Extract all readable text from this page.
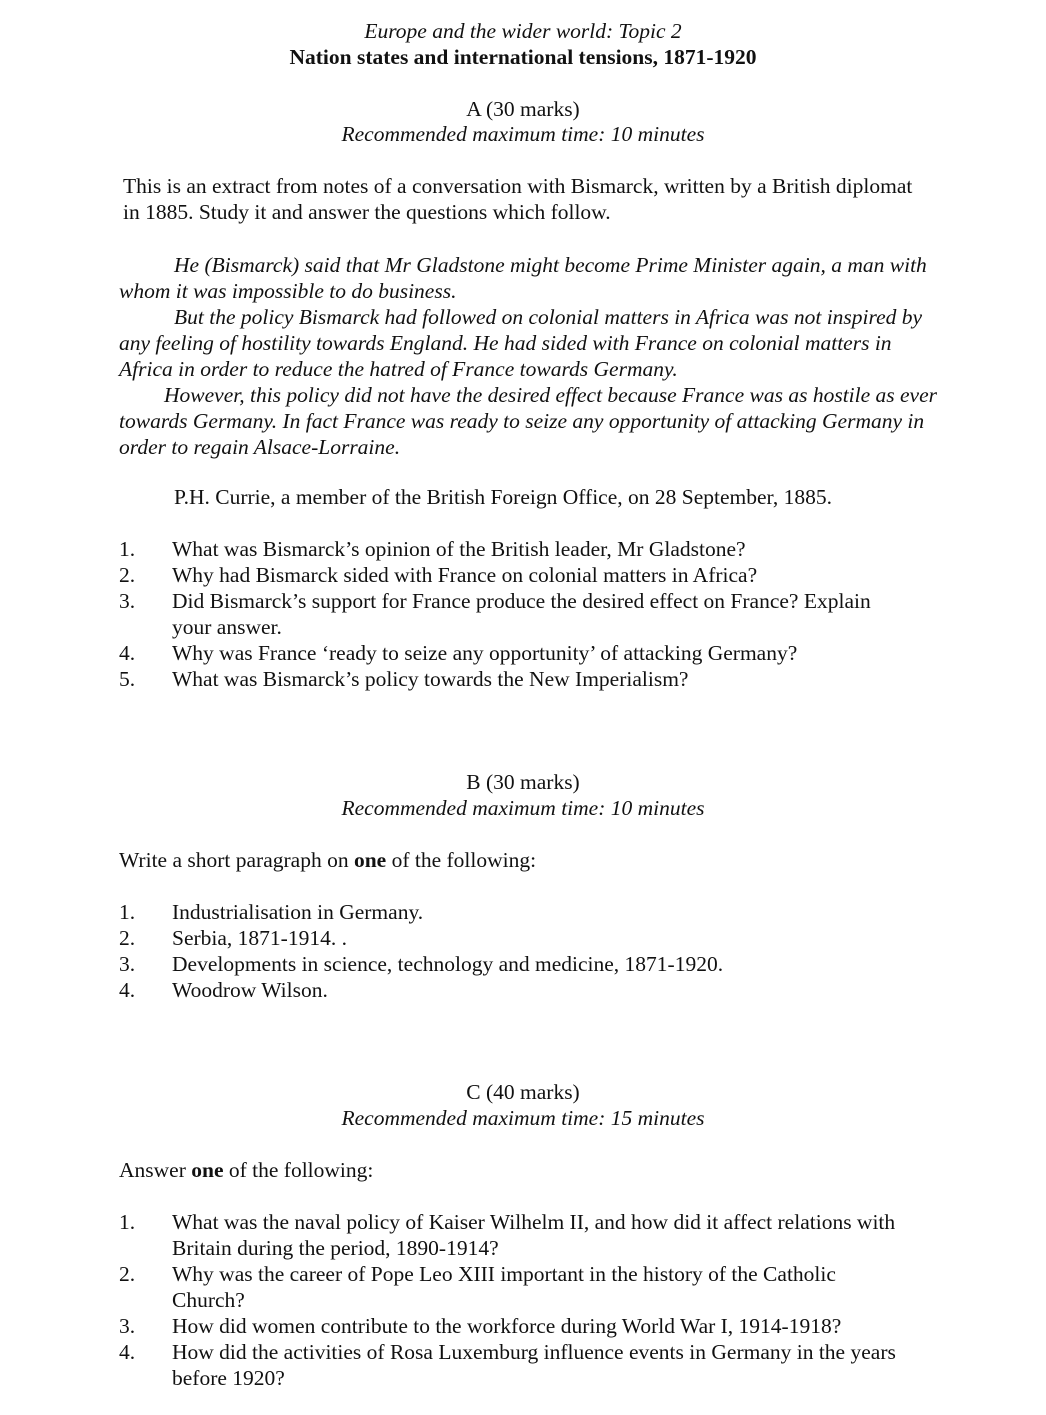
Europe and the wider world: Topic 2
Nation states and international tensions, 1871-1920
A (30 marks)
Recommended maximum time: 10 minutes
This is an extract from notes of a conversation with Bismarck, written by a British diplomat in 1885. Study it and answer the questions which follow.

He (Bismarck) said that Mr Gladstone might become Prime Minister again, a man with whom it was impossible to do business.

But the policy Bismarck had followed on colonial matters in Africa was not inspired by any feeling of hostility towards England. He had sided with France on colonial matters in Africa in order to reduce the hatred of France towards Germany.

However, this policy did not have the desired effect because France was as hostile as ever towards Germany. In fact France was ready to seize any opportunity of attacking Germany in order to regain Alsace-Lorraine.

P.H. Currie, a member of the British Foreign Office, on 28 September, 1885.
1.	What was Bismarck’s opinion of the British leader, Mr Gladstone?
2.	Why had Bismarck sided with France on colonial matters in Africa?
3.	Did Bismarck’s support for France produce the desired effect on France? Explain your answer.
4.	Why was France ‘ready to seize any opportunity’ of attacking Germany?
5.	What was Bismarck’s policy towards the New Imperialism?
B (30 marks)
Recommended maximum time: 10 minutes
Write a short paragraph on one of the following:
1.	Industrialisation in Germany.
2.	Serbia, 1871-1914. .
3.	Developments in science, technology and medicine, 1871-1920.
4.	Woodrow Wilson.
C (40 marks)
Recommended maximum time: 15 minutes
Answer one of the following:
1.	What was the naval policy of Kaiser Wilhelm II, and how did it affect relations with Britain during the period, 1890-1914?
2.	Why was the career of Pope Leo XIII important in the history of the Catholic Church?
3.	How did women contribute to the workforce during World War I, 1914-1918?
4.	How did the activities of Rosa Luxemburg influence events in Germany in the years before 1920?
